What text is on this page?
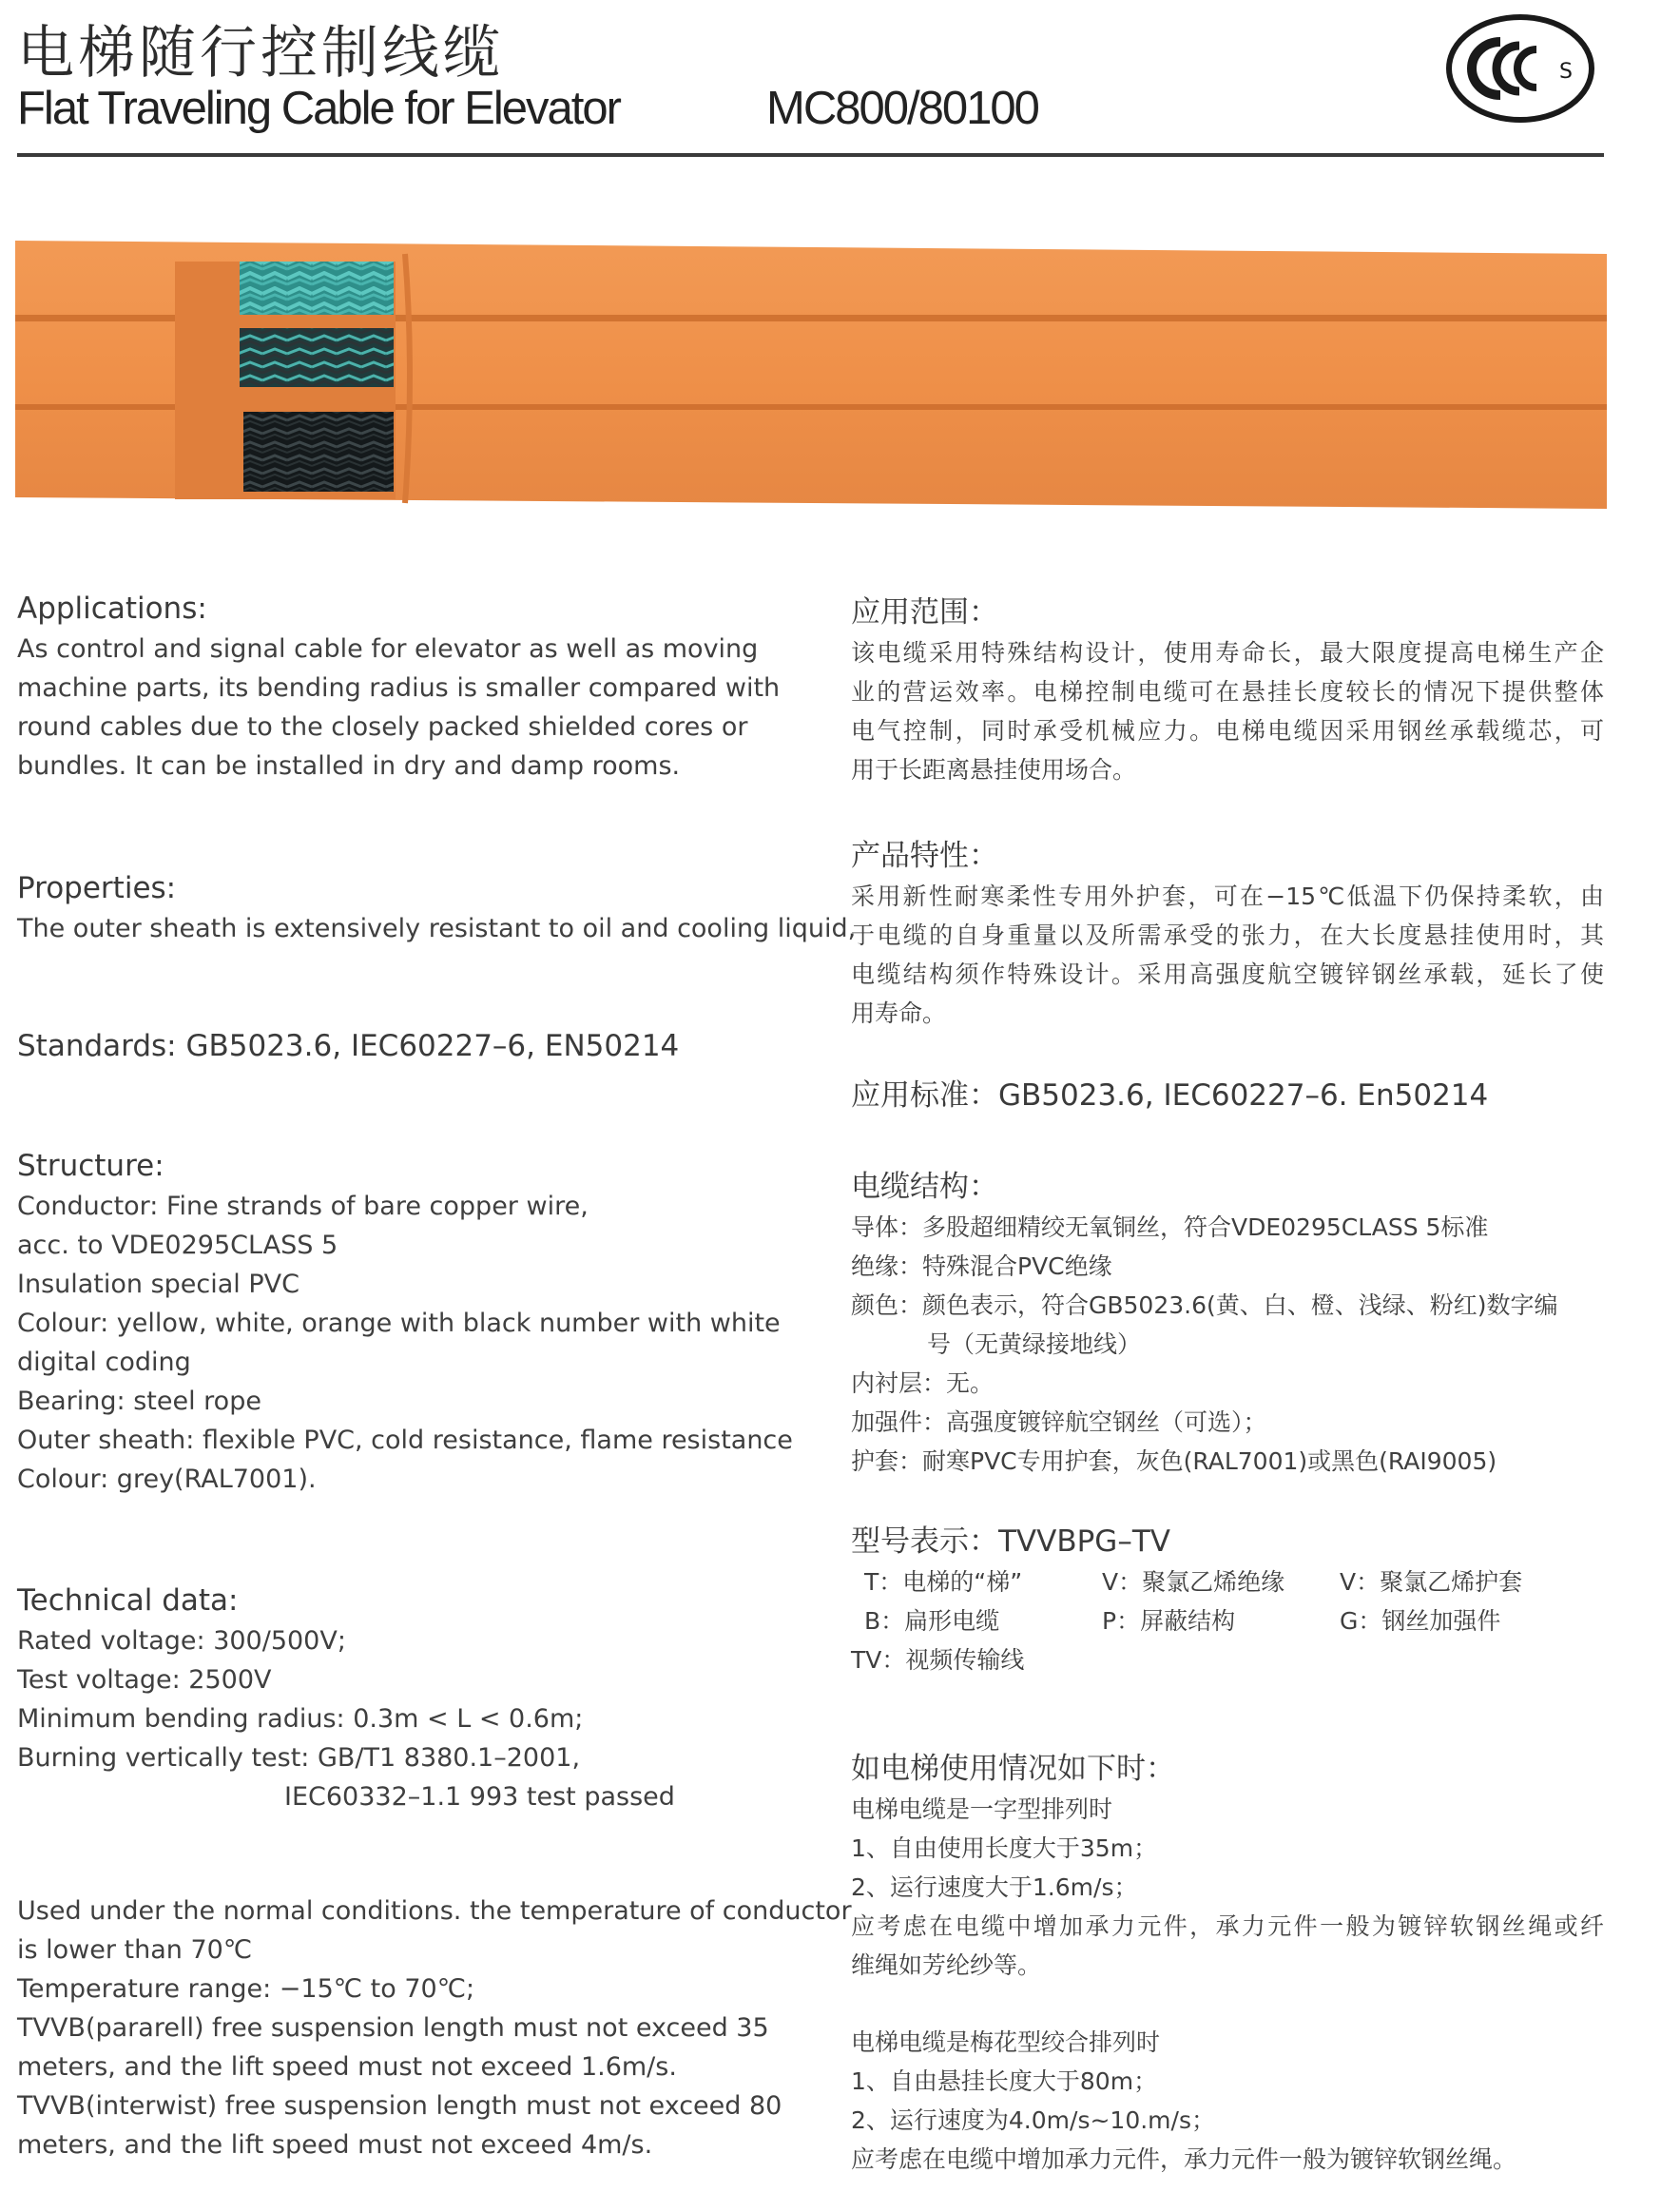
电梯随行控制线缆
Flat Traveling Cable for Elevator	MC800/80100
S
Applications:
As control and signal cable for elevator as well as moving
machine parts, its bending radius is smaller compared with
round cables due to the closely packed shielded cores or
bundles. It can be installed in dry and damp rooms.
Properties:
The outer sheath is extensively resistant to oil and cooling liquid,
Standards: GB5023.6, IEC60227–6, EN50214
Structure:
Conductor: Fine strands of bare copper wire,
acc. to VDE0295CLASS 5
Insulation special PVC
Colour: yellow, white, orange with black number with white
digital coding
Bearing: steel rope
Outer sheath: flexible PVC, cold resistance, flame resistance
Colour: grey(RAL7001).
Technical data:
Rated voltage: 300/500V;
Test voltage: 2500V
Minimum bending radius: 0.3m < L < 0.6m;
Burning vertically test: GB/T1 8380.1–2001,
IEC60332–1.1 993 test passed
Used under the normal conditions. the temperature of conductor
is lower than 70℃
Temperature range: −15℃ to 70℃;
TVVB(pararell) free suspension length must not exceed 35
meters, and the lift speed must not exceed 1.6m/s.
TVVB(interwist) free suspension length must not exceed 80
meters, and the lift speed must not exceed 4m/s.
应用范围：
该电缆采用特殊结构设计，使用寿命长，最大限度提高电梯生产企
业的营运效率。电梯控制电缆可在悬挂长度较长的情况下提供整体
电气控制，同时承受机械应力。电梯电缆因采用钢丝承载缆芯，可
用于长距离悬挂使用场合。
产品特性：
采用新性耐寒柔性专用外护套，可在−15℃低温下仍保持柔软，由
于电缆的自身重量以及所需承受的张力，在大长度悬挂使用时，其
电缆结构须作特殊设计。采用高强度航空镀锌钢丝承载，延长了使
用寿命。
应用标准：GB5023.6, IEC60227–6. En50214
电缆结构：
导体：多股超细精绞无氧铜丝，符合VDE0295CLASS 5标准
绝缘：特殊混合PVC绝缘
颜色：颜色表示，符合GB5023.6(黄、白、橙、浅绿、粉红)数字编
号（无黄绿接地线）
内衬层：无。
加强件：高强度镀锌航空钢丝（可选）；
护套：耐寒PVC专用护套，灰色(RAL7001)或黑色(RAI9005)
型号表示：TVVBPG–TV
T：电梯的“梯”	V：聚氯乙烯绝缘	V：聚氯乙烯护套
B：扁形电缆	P：屏蔽结构	G：钢丝加强件
TV：视频传输线
如电梯使用情况如下时：
电梯电缆是一字型排列时
1、自由使用长度大于35m；
2、运行速度大于1.6m/s；
应考虑在电缆中增加承力元件，承力元件一般为镀锌软钢丝绳或纤
维绳如芳纶纱等。
电梯电缆是梅花型绞合排列时
1、自由悬挂长度大于80m；
2、运行速度为4.0m/s~10.m/s；
应考虑在电缆中增加承力元件，承力元件一般为镀锌软钢丝绳。
